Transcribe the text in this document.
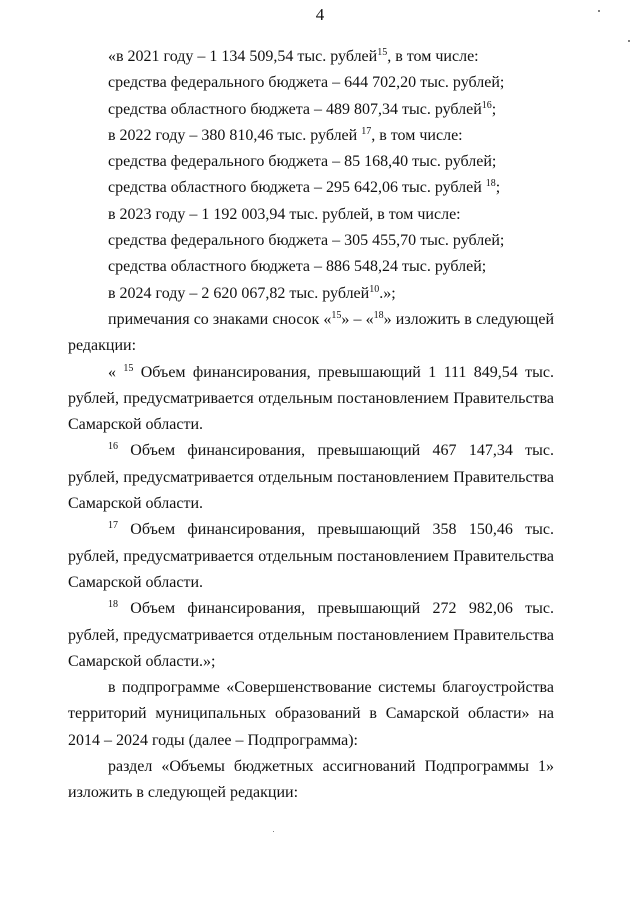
4

«в 2021 году – 1 134 509,54 тыс. рублей$^{15}$, в том числе:

средства федерального бюджета – 644 702,20 тыс. рублей;

средства областного бюджета – 489 807,34 тыс. рублей$^{16}$;

в 2022 году – 380 810,46 тыс. рублей $^{17}$, в том числе:

средства федерального бюджета – 85 168,40 тыс. рублей;

средства областного бюджета – 295 642,06 тыс. рублей $^{18}$;

в 2023 году – 1 192 003,94 тыс. рублей, в том числе:

средства федерального бюджета – 305 455,70 тыс. рублей;

средства областного бюджета – 886 548,24 тыс. рублей;

в 2024 году – 2 620 067,82 тыс. рублей$^{10}$.»;

примечания со знаками сносок «$^{15}$» – «$^{18}$» изложить в следующей редакции:

« $^{15}$ Объем финансирования, превышающий 1 111 849,54 тыс. рублей, предусматривается отдельным постановлением Правительства Самарской области.

$^{16}$ Объем финансирования, превышающий 467 147,34 тыс. рублей, предусматривается отдельным постановлением Правительства Самарской области.

$^{17}$ Объем финансирования, превышающий 358 150,46 тыс. рублей, предусматривается отдельным постановлением Правительства Самарской области.

$^{18}$ Объем финансирования, превышающий 272 982,06 тыс. рублей, предусматривается отдельным постановлением Правительства Самарской области.»;

в подпрограмме «Совершенствование системы благоустройства территорий муниципальных образований в Самарской области» на 2014 – 2024 годы (далее – Подпрограмма):

раздел «Объемы бюджетных ассигнований Подпрограммы 1» изложить в следующей редакции:
